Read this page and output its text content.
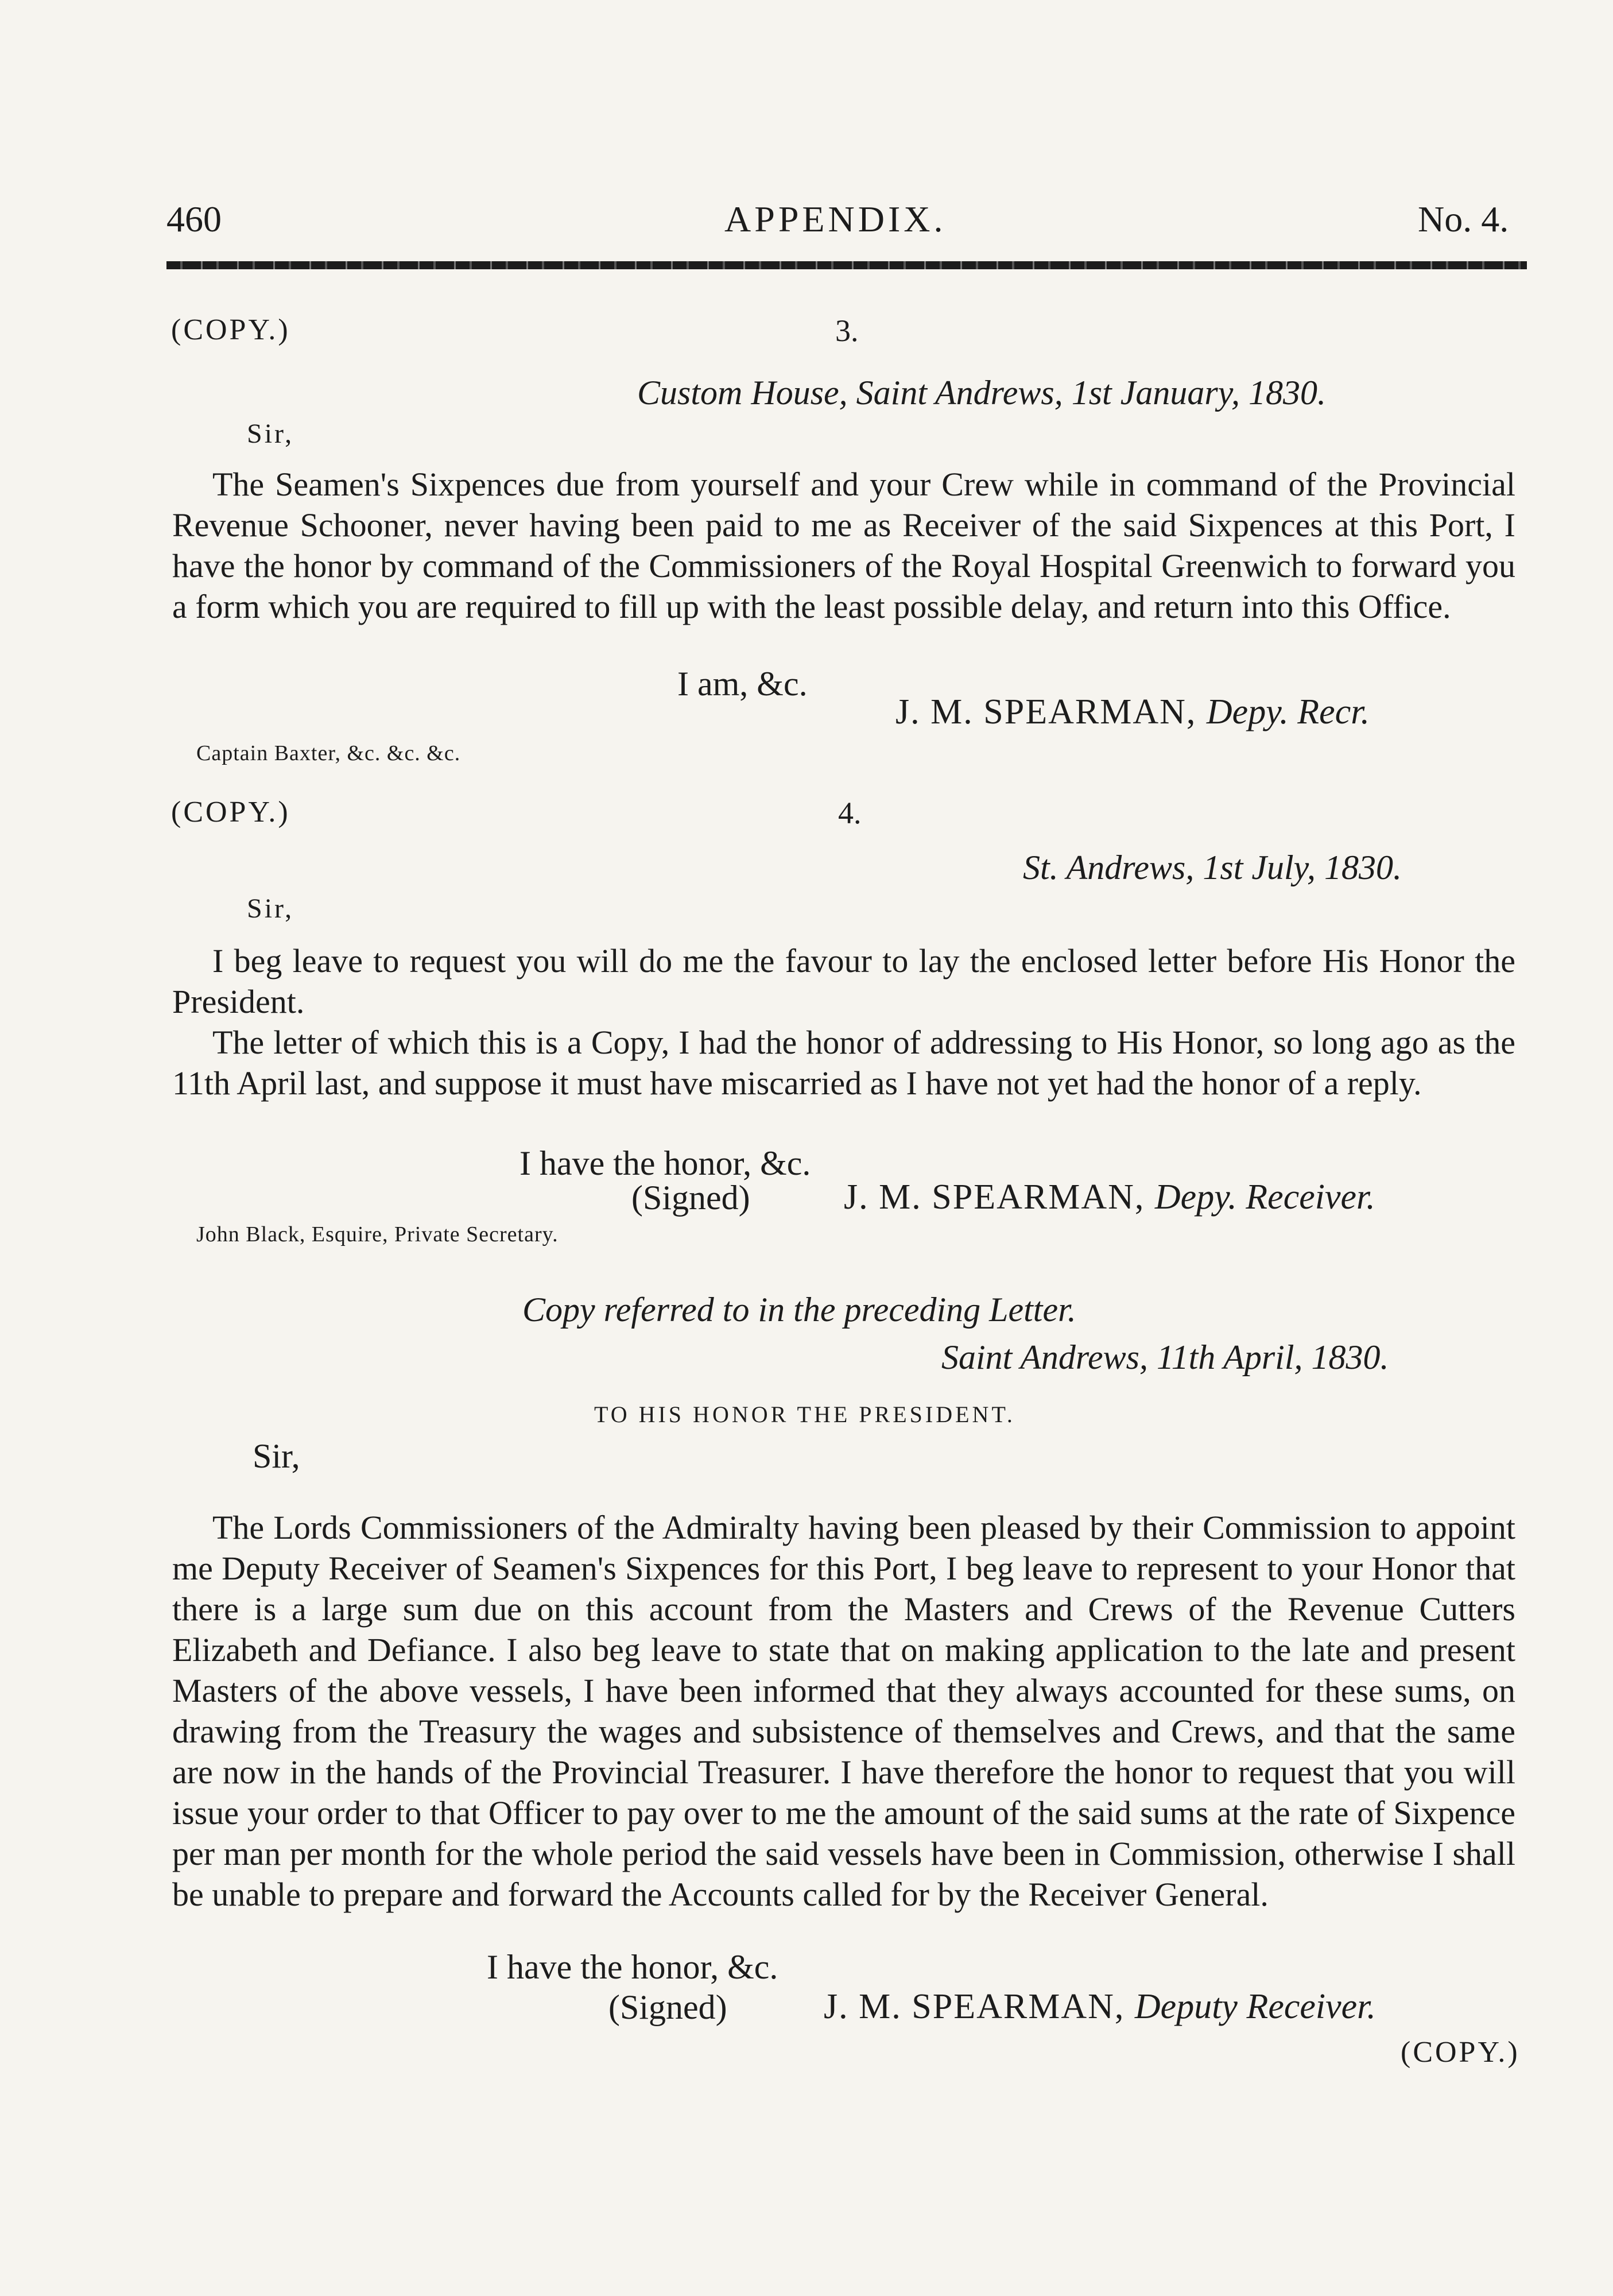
460	APPENDIX.	No. 4.
(COPY.)	3.
Custom House, Saint Andrews, 1st January, 1830.
Sir,
The Seamen's Sixpences due from yourself and your Crew while in command of the Provincial Revenue Schooner, never having been paid to me as Receiver of the said Sixpences at this Port, I have the honor by command of the Commissioners of the Royal Hospital Greenwich to forward you a form which you are required to fill up with the least possible delay, and return into this Office.
I am, &c.
J. M. SPEARMAN, Depy. Recr.
Captain Baxter, &c. &c. &c.
(COPY.)	4.
St. Andrews, 1st July, 1830.
Sir,
I beg leave to request you will do me the favour to lay the enclosed letter before His Honor the President.
The letter of which this is a Copy, I had the honor of addressing to His Honor, so long ago as the 11th April last, and suppose it must have miscarried as I have not yet had the honor of a reply.
I have the honor, &c.
(Signed)	J. M. SPEARMAN, Depy. Receiver.
John Black, Esquire, Private Secretary.
Copy referred to in the preceding Letter.
Saint Andrews, 11th April, 1830.
TO HIS HONOR THE PRESIDENT.
Sir,
The Lords Commissioners of the Admiralty having been pleased by their Commission to appoint me Deputy Receiver of Seamen's Sixpences for this Port, I beg leave to represent to your Honor that there is a large sum due on this account from the Masters and Crews of the Revenue Cutters Elizabeth and Defiance. I also beg leave to state that on making application to the late and present Masters of the above vessels, I have been informed that they always accounted for these sums, on drawing from the Treasury the wages and subsistence of themselves and Crews, and that the same are now in the hands of the Provincial Treasurer. I have therefore the honor to request that you will issue your order to that Officer to pay over to me the amount of the said sums at the rate of Sixpence per man per month for the whole period the said vessels have been in Commission, otherwise I shall be unable to prepare and forward the Accounts called for by the Receiver General.
I have the honor, &c.
(Signed)	J. M. SPEARMAN, Deputy Receiver.
(COPY.)
